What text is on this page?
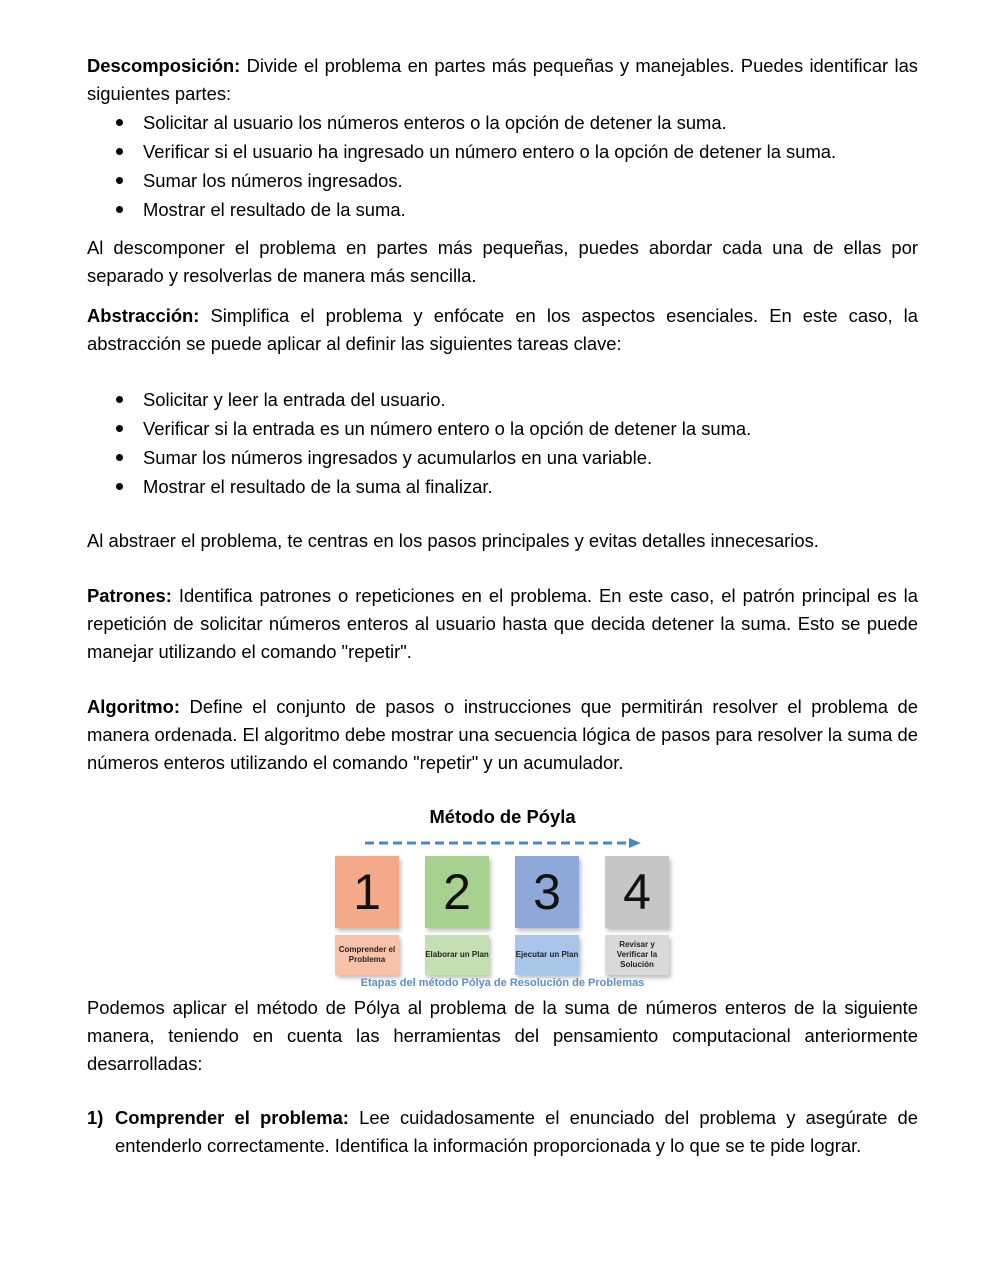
Descomposición: Divide el problema en partes más pequeñas y manejables. Puedes identificar las siguientes partes:

Solicitar al usuario los números enteros o la opción de detener la suma.
Verificar si el usuario ha ingresado un número entero o la opción de detener la suma.
Sumar los números ingresados.
Mostrar el resultado de la suma.

Al descomponer el problema en partes más pequeñas, puedes abordar cada una de ellas por separado y resolverlas de manera más sencilla.

Abstracción: Simplifica el problema y enfócate en los aspectos esenciales. En este caso, la abstracción se puede aplicar al definir las siguientes tareas clave:

Solicitar y leer la entrada del usuario.
Verificar si la entrada es un número entero o la opción de detener la suma.
Sumar los números ingresados y acumularlos en una variable.
Mostrar el resultado de la suma al finalizar.

Al abstraer el problema, te centras en los pasos principales y evitas detalles innecesarios.

Patrones: Identifica patrones o repeticiones en el problema. En este caso, el patrón principal es la repetición de solicitar números enteros al usuario hasta que decida detener la suma. Esto se puede manejar utilizando el comando "repetir".

Algoritmo: Define el conjunto de pasos o instrucciones que permitirán resolver el problema de manera ordenada. El algoritmo debe mostrar una secuencia lógica de pasos para resolver la suma de números enteros utilizando el comando "repetir" y un acumulador.

Método de Póyla
1 2 3 4
Comprender el Problema
Elaborar un Plan	Ejecutar un Plan
Revisar y Verificar la Solución
Etapas del método Pólya de Resolución de Problemas

Podemos aplicar el método de Pólya al problema de la suma de números enteros de la siguiente manera, teniendo en cuenta las herramientas del pensamiento computacional anteriormente desarrolladas:

1) Comprender el problema: Lee cuidadosamente el enunciado del problema y asegúrate de entenderlo correctamente. Identifica la información proporcionada y lo que se te pide lograr.
